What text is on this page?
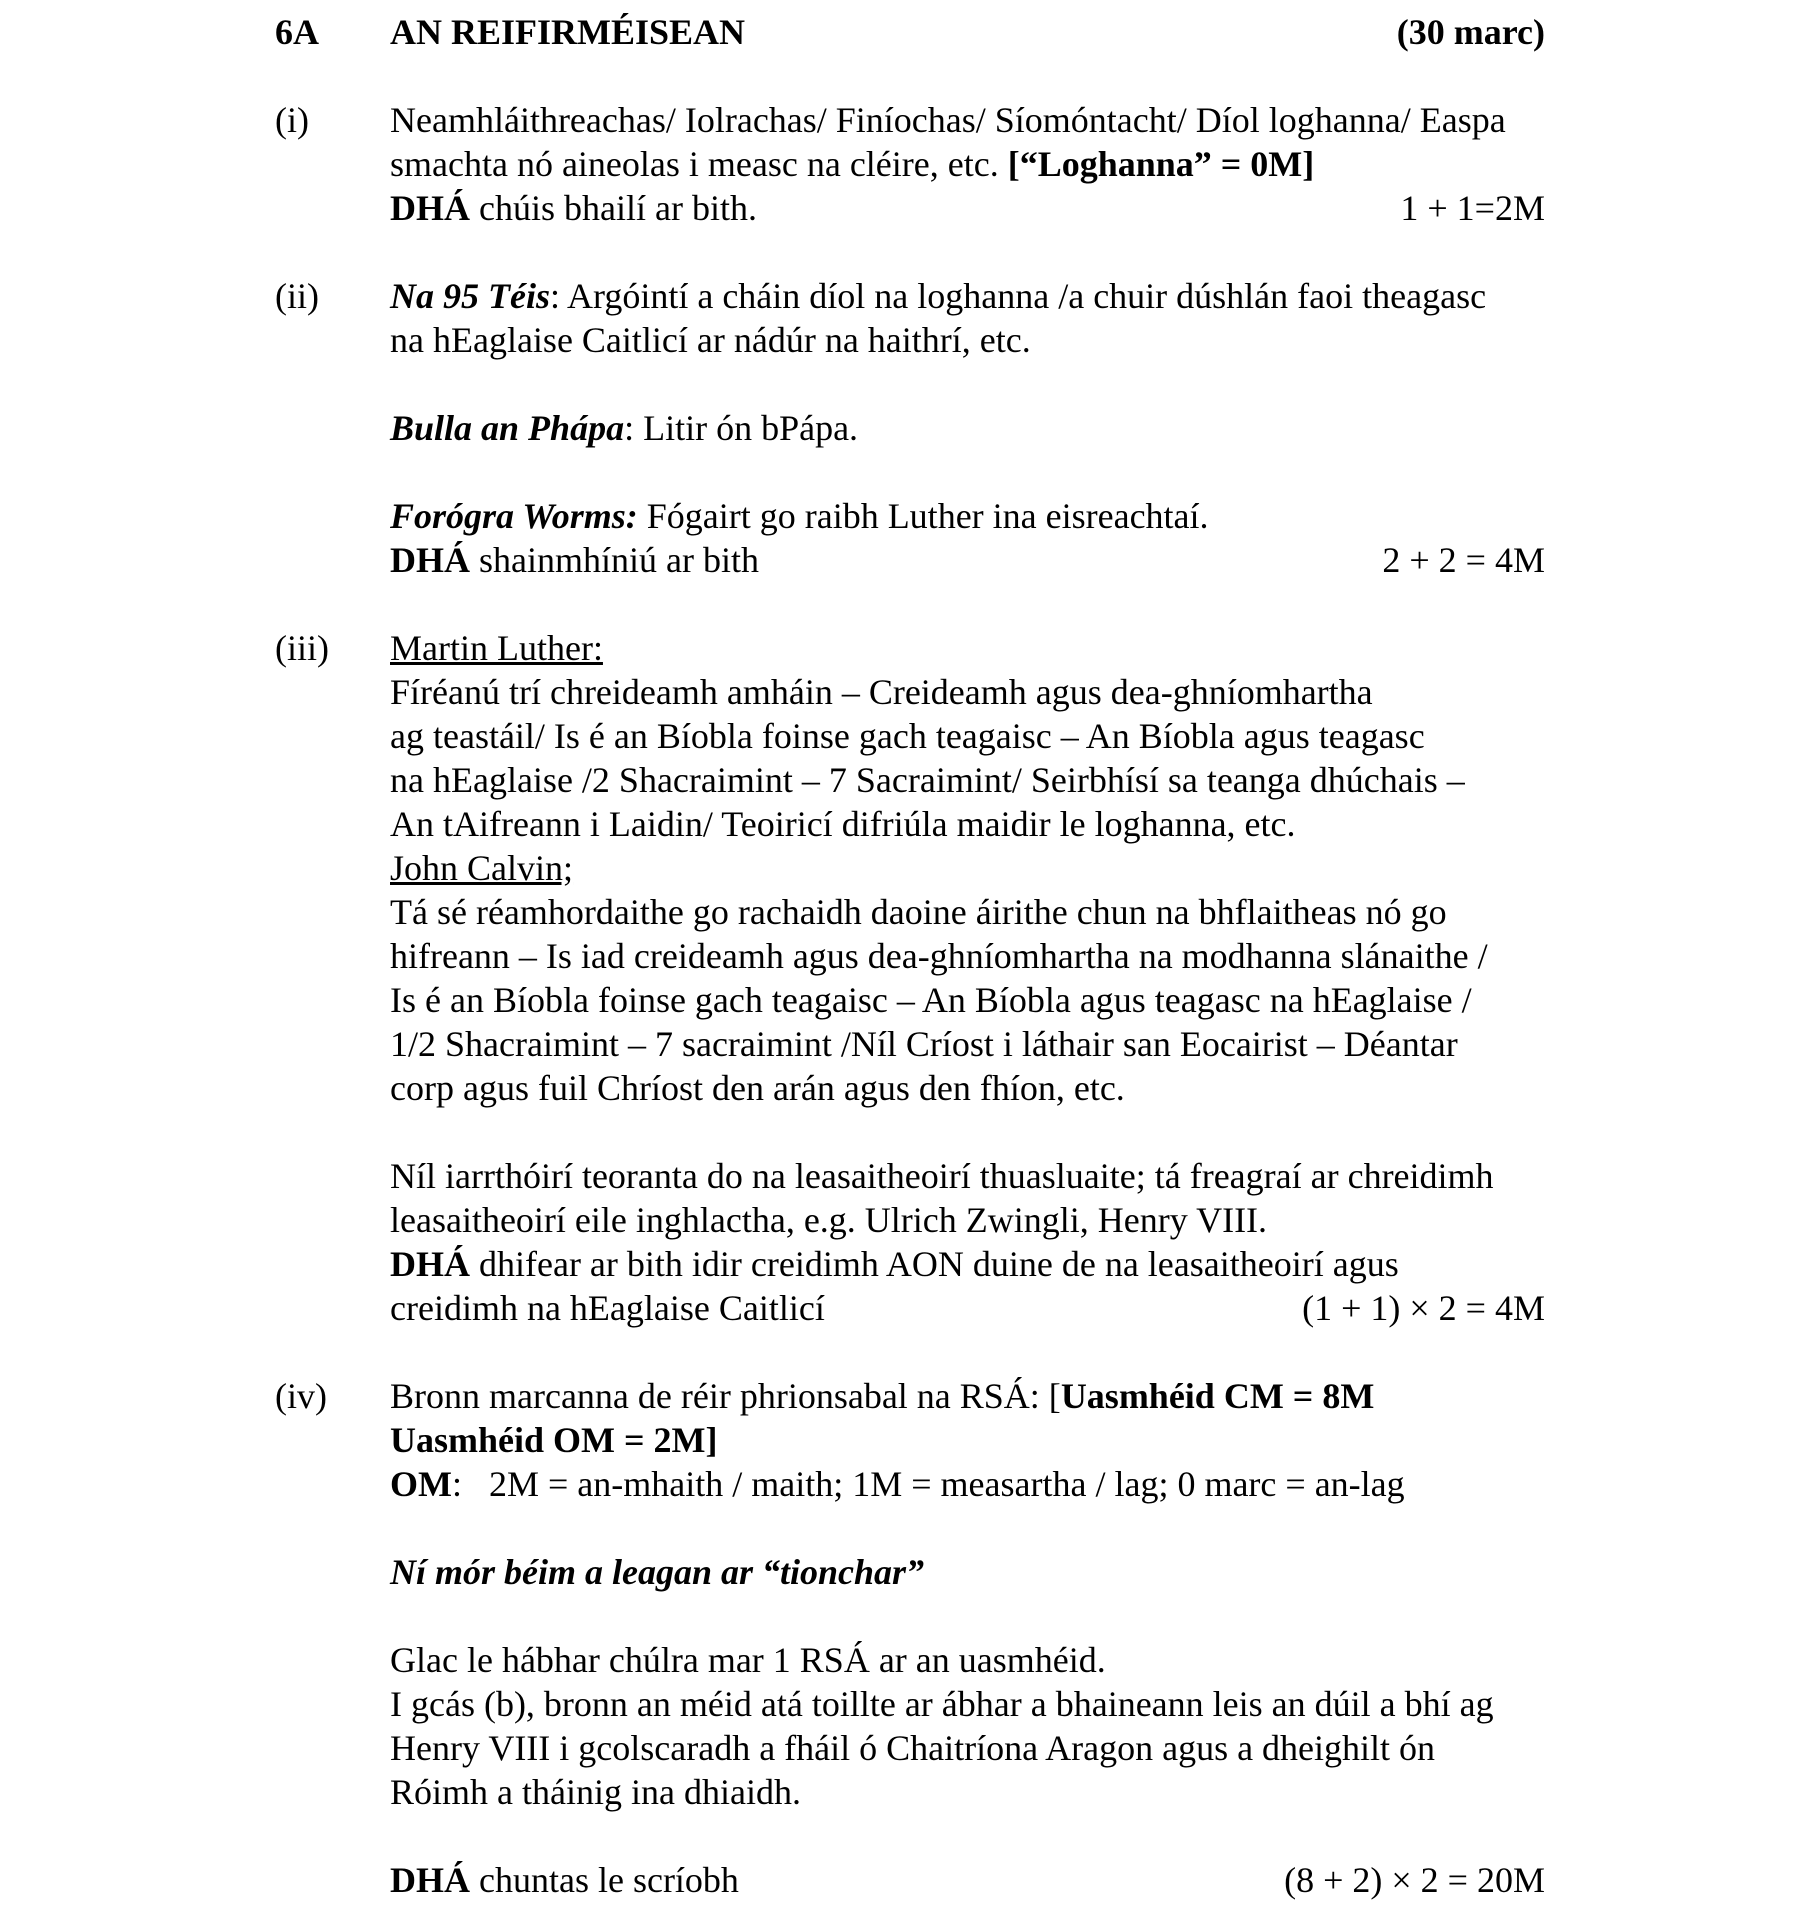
6A	AN REIFIRMÉISEAN	(30 marc)
(i)	Neamhláithreachas/ Iolrachas/ Finíochas/ Síomóntacht/ Díol loghanna/ Easpa
smachta nó aineolas i measc na cléire, etc. [“Loghanna” = 0M]
DHÁ chúis bhailí ar bith.	1 + 1=2M
(ii)	Na 95 Téis: Argóintí a cháin díol na loghanna /a chuir dúshlán faoi theagasc
na hEaglaise Caitlicí ar nádúr na haithrí, etc.
Bulla an Phápa: Litir ón bPápa.
Forógra Worms: Fógairt go raibh Luther ina eisreachtaí.
DHÁ shainmhíniú ar bith	2 + 2 = 4M
(iii)	Martin Luther:
Fíréanú trí chreideamh amháin – Creideamh agus dea-ghníomhartha
ag teastáil/ Is é an Bíobla foinse gach teagaisc – An Bíobla agus teagasc
na hEaglaise /2 Shacraimint – 7 Sacraimint/ Seirbhísí sa teanga dhúchais –
An tAifreann i Laidin/ Teoiricí difriúla maidir le loghanna, etc.
John Calvin;
Tá sé réamhordaithe go rachaidh daoine áirithe chun na bhflaitheas nó go
hifreann – Is iad creideamh agus dea-ghníomhartha na modhanna slánaithe /
Is é an Bíobla foinse gach teagaisc – An Bíobla agus teagasc na hEaglaise /
1/2 Shacraimint – 7 sacraimint /Níl Críost i láthair san Eocairist – Déantar
corp agus fuil Chríost den arán agus den fhíon, etc.
Níl iarrthóirí teoranta do na leasaitheoirí thuasluaite; tá freagraí ar chreidimh
leasaitheoirí eile inghlactha, e.g. Ulrich Zwingli, Henry VIII.
DHÁ dhifear ar bith idir creidimh AON duine de na leasaitheoirí agus
creidimh na hEaglaise Caitlicí	(1 + 1) × 2 = 4M
(iv)	Bronn marcanna de réir phrionsabal na RSÁ: [Uasmhéid CM = 8M
Uasmhéid OM = 2M]
OM:   2M = an-mhaith / maith; 1M = measartha / lag; 0 marc = an-lag
Ní mór béim a leagan ar “tionchar”
Glac le hábhar chúlra mar 1 RSÁ ar an uasmhéid.
I gcás (b), bronn an méid atá toillte ar ábhar a bhaineann leis an dúil a bhí ag
Henry VIII i gcolscaradh a fháil ó Chaitríona Aragon agus a dheighilt ón
Róimh a tháinig ina dhiaidh.
DHÁ chuntas le scríobh	(8 + 2) × 2 = 20M
